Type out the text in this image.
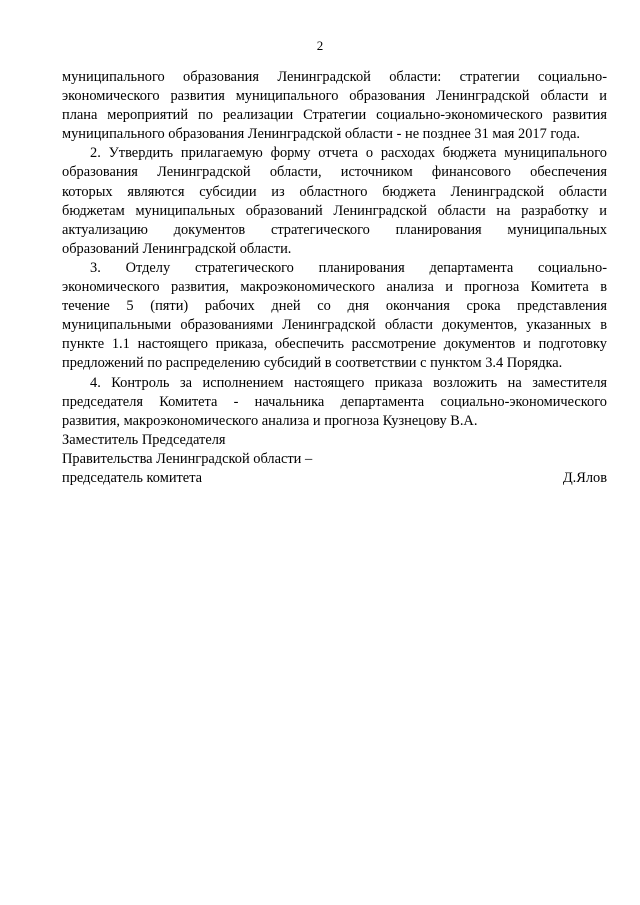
2
муниципального образования Ленинградской области: стратегии социально-
экономического развития муниципального образования Ленинградской области и
плана мероприятий по реализации Стратегии социально-экономического развития
муниципального образования Ленинградской области - не позднее 31 мая 2017 года.
2. Утвердить прилагаемую форму отчета о расходах бюджета муниципального
образования Ленинградской области, источником финансового обеспечения
которых являются субсидии из областного бюджета Ленинградской области
бюджетам муниципальных образований Ленинградской области на разработку и
актуализацию документов стратегического планирования муниципальных
образований Ленинградской области.
3. Отделу стратегического планирования департамента социально-
экономического развития, макроэкономического анализа и прогноза Комитета в
течение 5 (пяти) рабочих дней со дня окончания срока представления
муниципальными образованиями Ленинградской области документов, указанных в
пункте 1.1 настоящего приказа, обеспечить рассмотрение документов и подготовку
предложений по распределению субсидий в соответствии с пунктом 3.4 Порядка.
4. Контроль за исполнением настоящего приказа возложить на заместителя
председателя Комитета - начальника департамента социально-экономического
развития, макроэкономического анализа и прогноза Кузнецову В.А.
Заместитель Председателя
Правительства Ленинградской области –
председатель комитета	Д.Ялов
